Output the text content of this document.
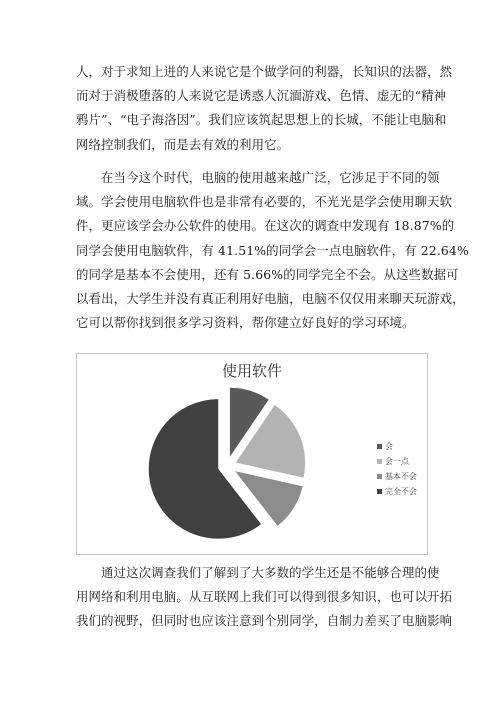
人，对于求知上进的人来说它是个做学问的利器，长知识的法器，然
而对于消极堕落的人来说它是诱惑人沉湎游戏、色情、虚无的“精神
鸦片”、“电子海洛因”。我们应该筑起思想上的长城，不能让电脑和
网络控制我们，而是去有效的利用它。

在当今这个时代，电脑的使用越来越广泛，它涉足于不同的领
域。学会使用电脑软件也是非常有必要的，不光光是学会使用聊天软
件，更应该学会办公软件的使用。在这次的调查中发现有 18.87%的
同学会使用电脑软件，有 41.51%的同学会一点电脑软件，有 22.64%
的同学是基本不会使用，还有 5.66%的同学完全不会。从这些数据可
以看出，大学生并没有真正利用好电脑，电脑不仅仅用来聊天玩游戏，
它可以帮你找到很多学习资料，帮你建立好良好的学习环境。

使用软件
会
会一点
基本不会
完全不会

通过这次调查我们了解到了大多数的学生还是不能够合理的使
用网络和利用电脑。从互联网上我们可以得到很多知识，也可以开拓
我们的视野，但同时也应该注意到个别同学，自制力差买了电脑影响
